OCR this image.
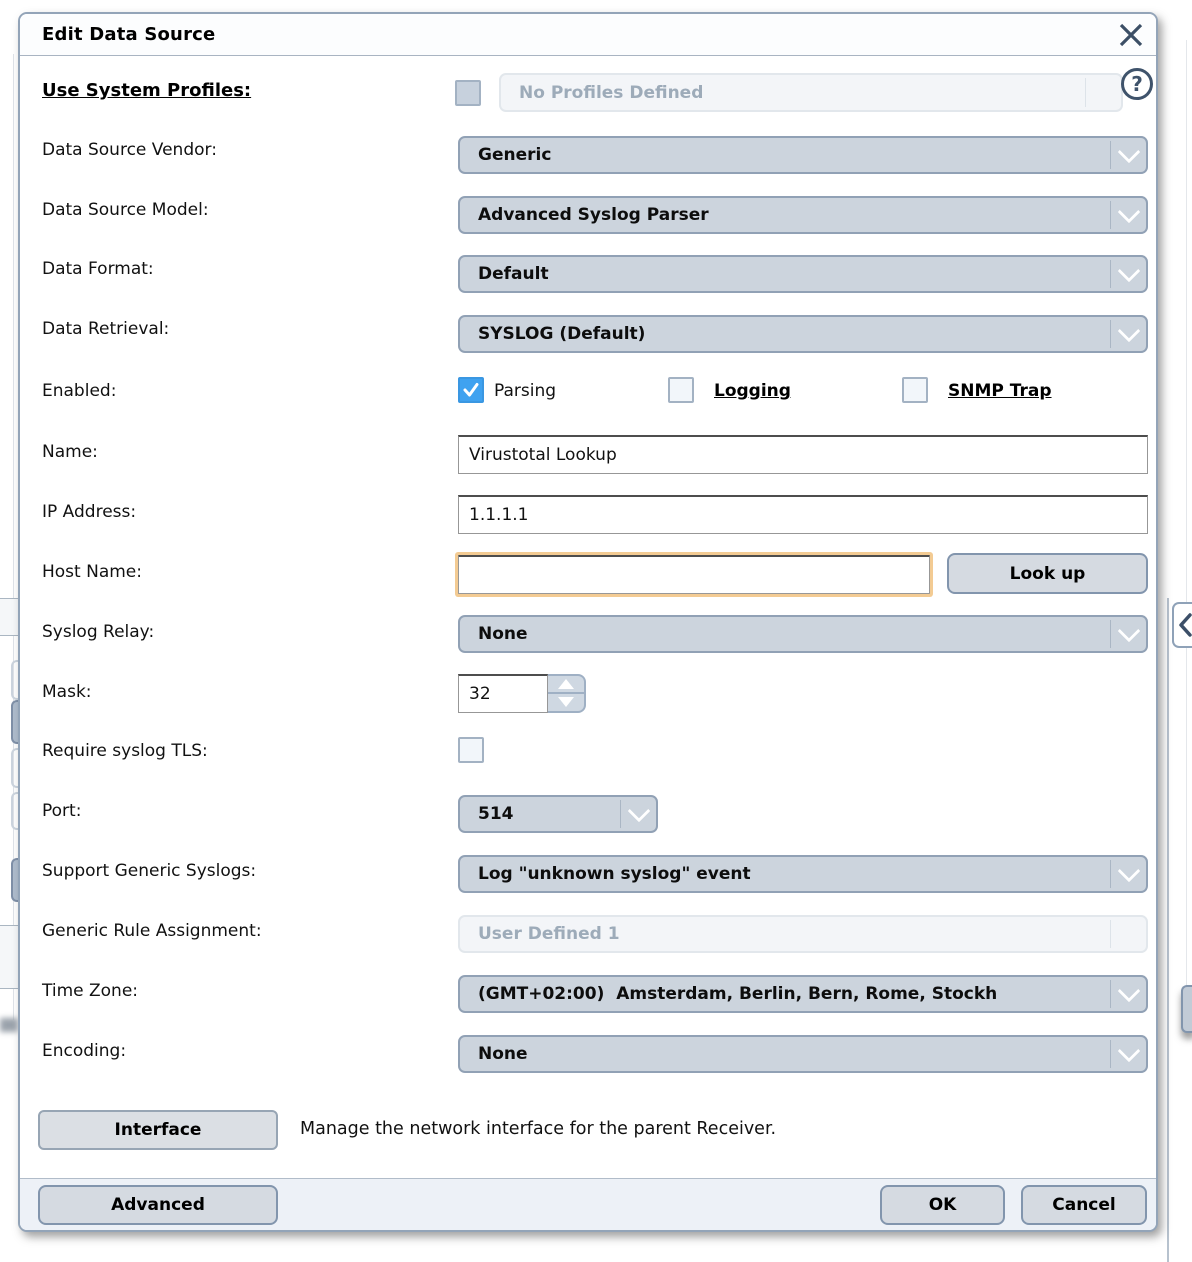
Edit Data Source
Use System Profiles:	No Profiles Defined	?
Data Source Vendor:	Generic
Data Source Model:	Advanced Syslog Parser
Data Format:	Default
Data Retrieval:	SYSLOG (Default)
Enabled:	Parsing	Logging	SNMP Trap
Name:
Virustotal Lookup
IP Address:
1.1.1.1
Host Name:	Look up
Syslog Relay:	None
Mask:
32
Require syslog TLS:
Port:	514
Support Generic Syslogs:	Log "unknown syslog" event
Generic Rule Assignment:	User Defined 1
Time Zone:	(GMT+02:00)  Amsterdam, Berlin, Bern, Rome, Stockh
Encoding:	None
Interface	Manage the network interface for the parent Receiver.
Advanced	OK	Cancel
